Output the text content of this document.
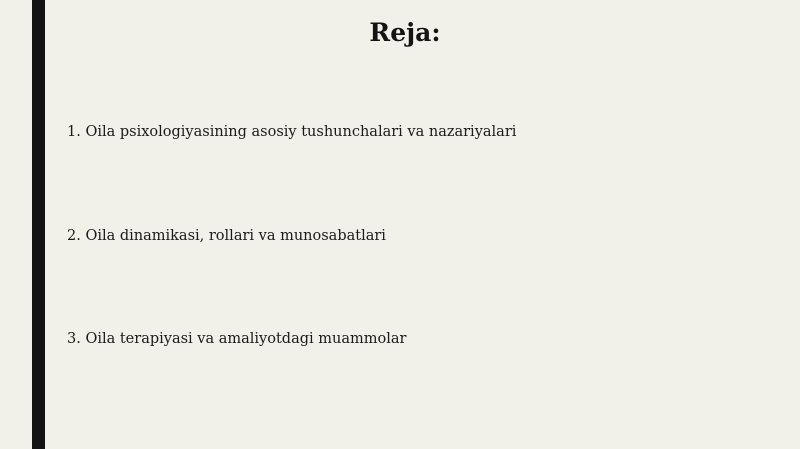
Reja:

1. Oila psixologiyasining asosiy tushunchalari va nazariyalari

2. Oila dinamikasi, rollari va munosabatlari

3. Oila terapiyasi va amaliyotdagi muammolar
